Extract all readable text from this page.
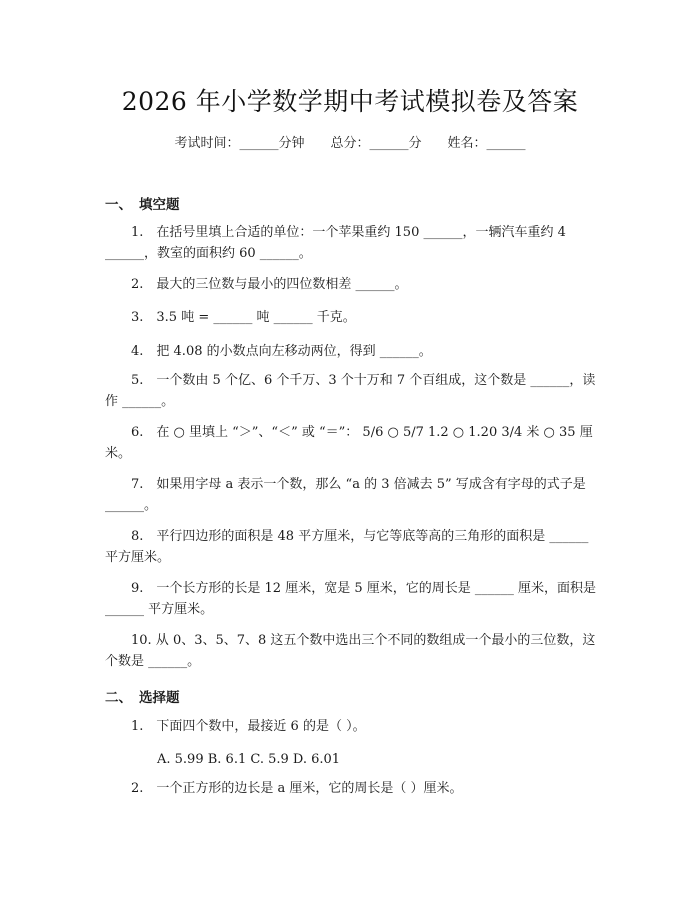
2026 年小学数学期中考试模拟卷及答案
考试时间：______分钟 总分：______分 姓名：______
一、 填空题
1.　在括号里填上合适的单位：一个苹果重约 150 ______，一辆汽车重约 4 ______，教室的面积约 60 ______。
2.　最大的三位数与最小的四位数相差 ______。
3.　3.5 吨 = ______ 吨 ______ 千克。
4.　把 4.08 的小数点向左移动两位，得到 ______。
5.　一个数由 5 个亿、6 个千万、3 个十万和 7 个百组成，这个数是 ______，读作 ______。
6.　在 ○ 里填上 “＞”、“＜” 或 “＝”： 5/6 ○ 5/7 1.2 ○ 1.20 3/4 米 ○ 35 厘米。
7.　如果用字母 a 表示一个数，那么 “a 的 3 倍减去 5” 写成含有字母的式子是 ______。
8.　平行四边形的面积是 48 平方厘米，与它等底等高的三角形的面积是 ______ 平方厘米。
9.　一个长方形的长是 12 厘米，宽是 5 厘米，它的周长是 ______ 厘米，面积是 ______ 平方厘米。
10. 从 0、3、5、7、8 这五个数中选出三个不同的数组成一个最小的三位数，这个数是 ______。
二、 选择题
1.　下面四个数中，最接近 6 的是（ ）。
A. 5.99 B. 6.1 C. 5.9 D. 6.01
2.　一个正方形的边长是 a 厘米，它的周长是（ ）厘米。
